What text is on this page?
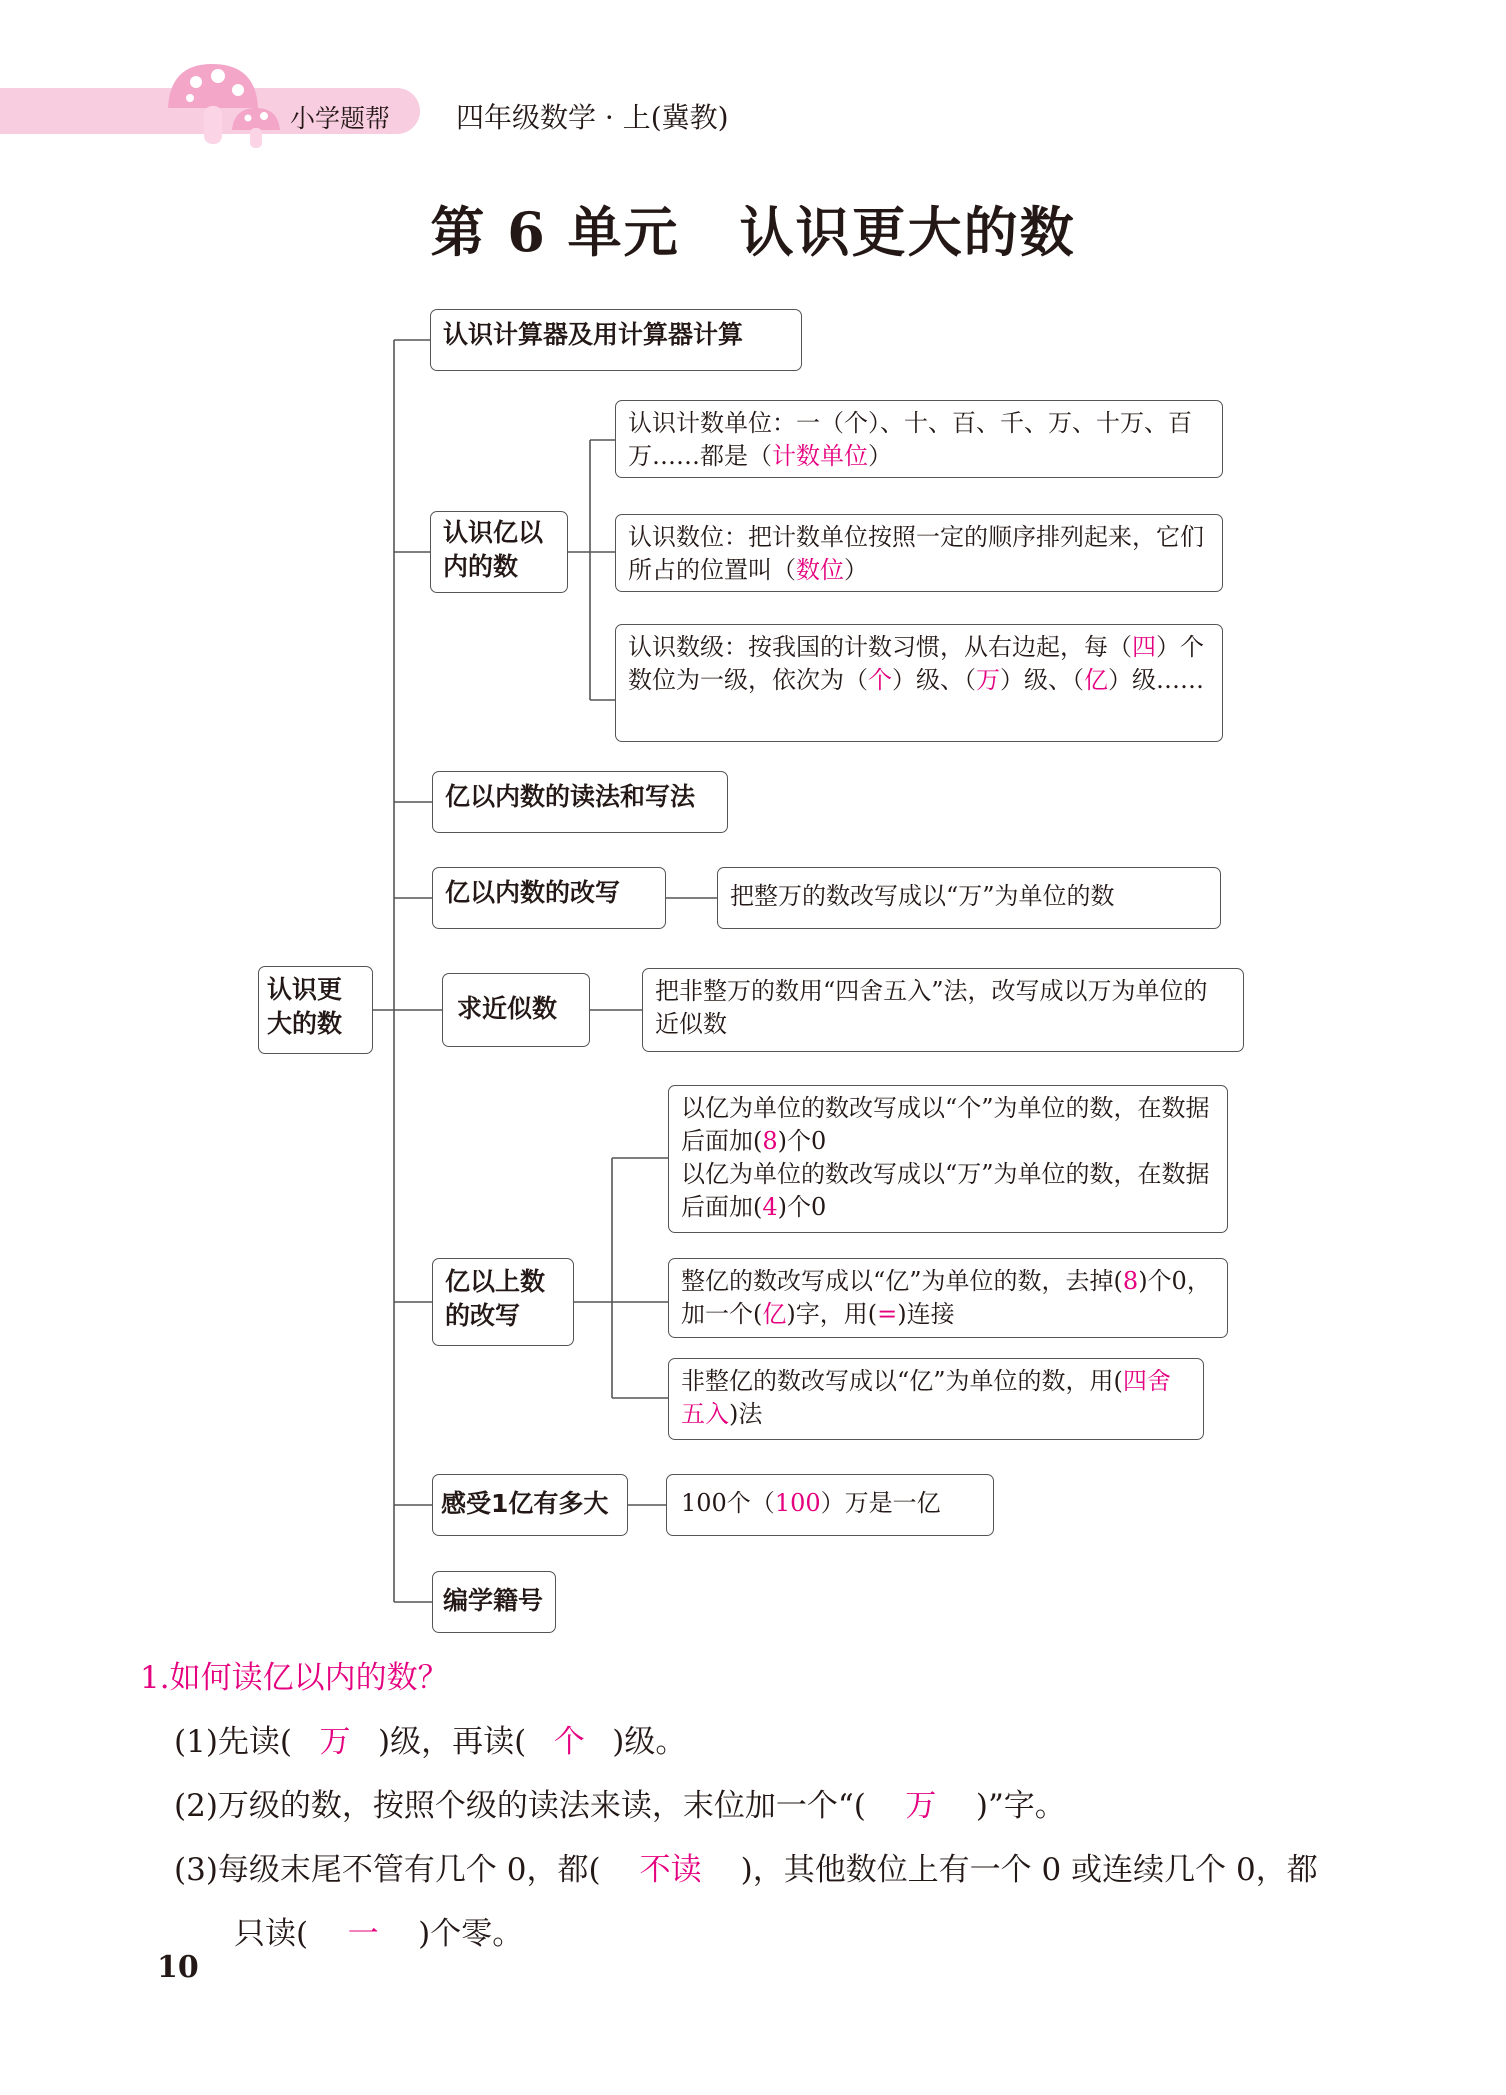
小学题帮 四年级数学 · 上(冀教)
第 6 单元 认识更大的数
认识更大的数
认识计算器及用计算器计算
认识亿以内的数
认识计数单位：一（个）、十、百、千、万、十万、百万……都是（计数单位）
认识数位：把计数单位按照一定的顺序排列起来，它们所占的位置叫（数位）
认识数级：按我国的计数习惯，从右边起，每（四）个数位为一级，依次为（个）级、（万）级、（亿）级……
亿以内数的读法和写法
亿以内数的改写	把整万的数改写成以“万”为单位的数
求近似数
把非整万的数用“四舍五入”法，改写成以万为单位的近似数
亿以上数的改写
以亿为单位的数改写成以“个”为单位的数，在数据后面加(8)个0
以亿为单位的数改写成以“万”为单位的数，在数据后面加(4)个0
整亿的数改写成以“亿”为单位的数，去掉(8)个0，加一个(亿)字，用(=)连接
非整亿的数改写成以“亿”为单位的数，用(四舍五入)法
感受1亿有多大	100个（100）万是一亿
编学籍号
1.如何读亿以内的数？
(1)先读( 万 )级，再读( 个 )级。
(2)万级的数，按照个级的读法来读，末位加一个“( 万 )”字。
(3)每级末尾不管有几个 0，都( 不读 )，其他数位上有一个 0 或连续几个 0，都
只读( 一 )个零。
10
